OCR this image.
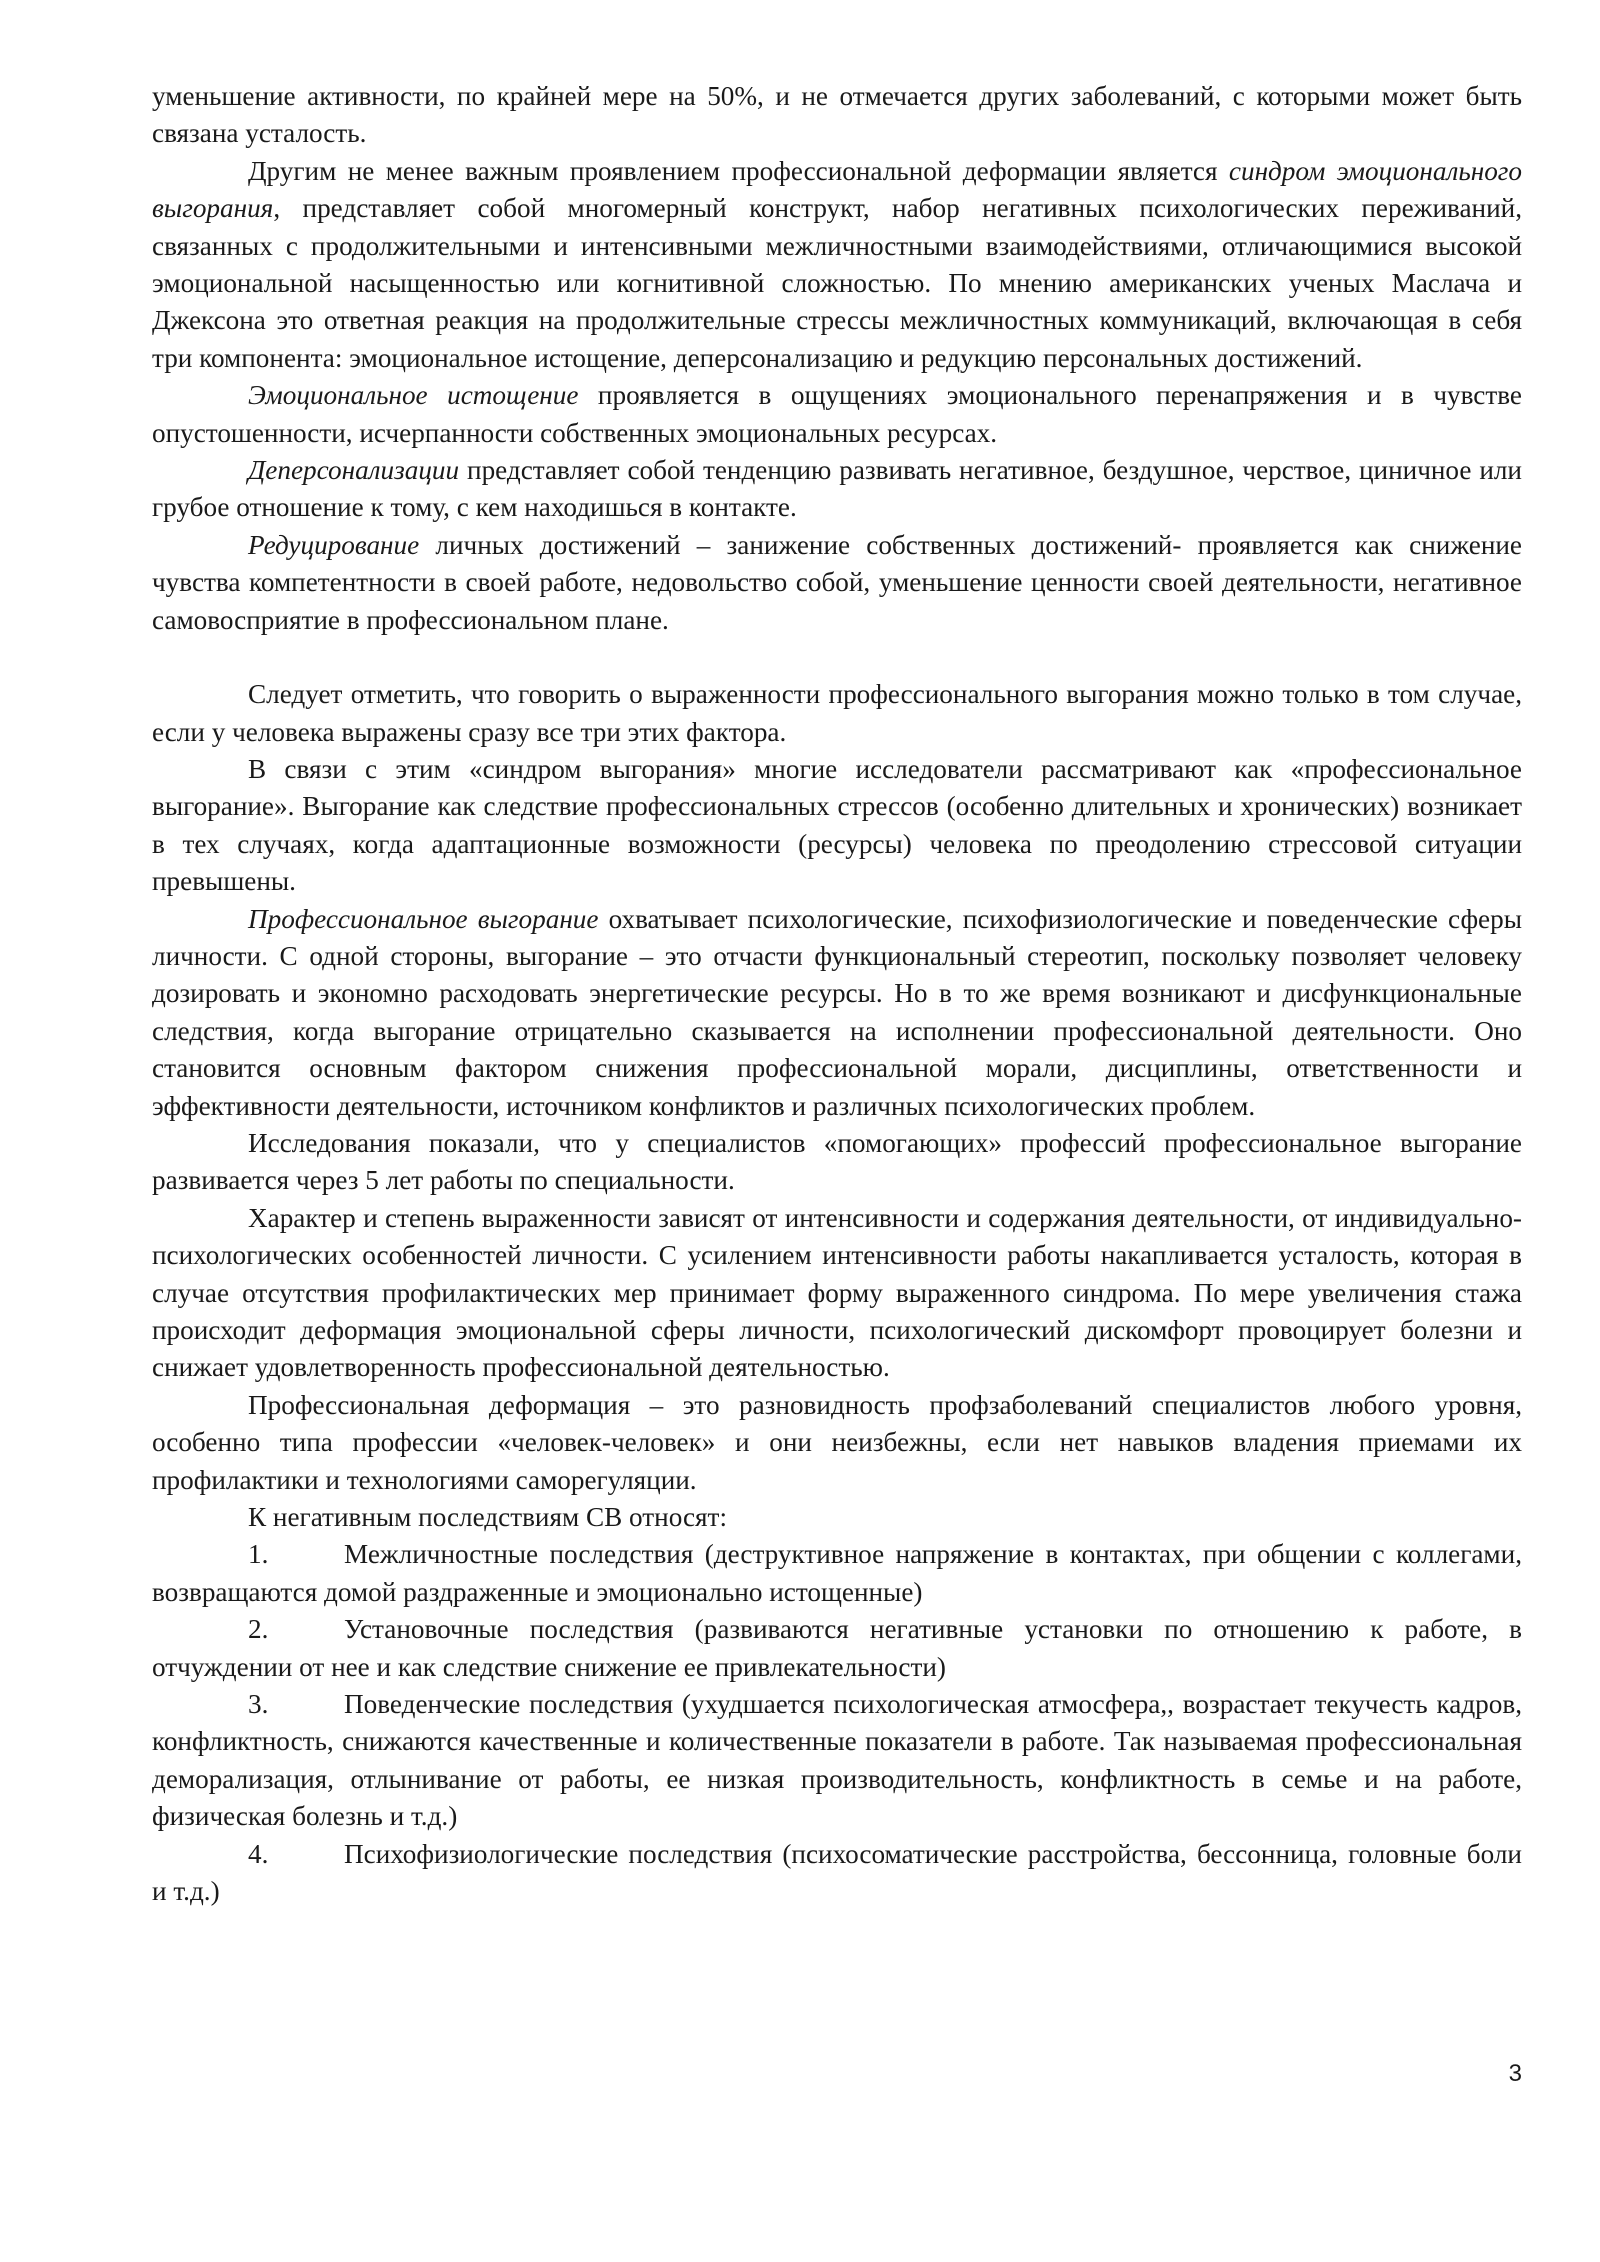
уменьшение активности, по крайней мере на 50%, и не отмечается других заболеваний, с которыми может быть связана усталость.

Другим не менее важным проявлением профессиональной деформации является синдром эмоционального выгорания, представляет собой многомерный конструкт, набор негативных психологических переживаний, связанных с продолжительными и интенсивными межличностными взаимодействиями, отличающимися высокой эмоциональной насыщенностью или когнитивной сложностью. По мнению американских ученых Маслача и Джексона это ответная реакция на продолжительные стрессы межличностных коммуникаций, включающая в себя три компонента: эмоциональное истощение, деперсонализацию и редукцию персональных достижений.

Эмоциональное истощение проявляется в ощущениях эмоционального перенапряжения и в чувстве опустошенности, исчерпанности собственных эмоциональных ресурсах.

Деперсонализации представляет собой тенденцию развивать негативное, бездушное, черствое, циничное или грубое отношение к тому, с кем находишься в контакте.

Редуцирование личных достижений – занижение собственных достижений- проявляется как снижение чувства компетентности в своей работе, недовольство собой, уменьшение ценности своей деятельности, негативное самовосприятие в профессиональном плане.

Следует отметить, что говорить о выраженности профессионального выгорания можно только в том случае, если у человека выражены сразу все три этих фактора.

В связи с этим «синдром выгорания» многие исследователи рассматривают как «профессиональное выгорание». Выгорание как следствие профессиональных стрессов (особенно длительных и хронических) возникает в тех случаях, когда адаптационные возможности (ресурсы) человека по преодолению стрессовой ситуации превышены.

Профессиональное выгорание охватывает психологические, психофизиологические и поведенческие сферы личности. С одной стороны, выгорание – это отчасти функциональный стереотип, поскольку позволяет человеку дозировать и экономно расходовать энергетические ресурсы. Но в то же время возникают и дисфункциональные следствия, когда выгорание отрицательно сказывается на исполнении профессиональной деятельности. Оно становится основным фактором снижения профессиональной морали, дисциплины, ответственности и эффективности деятельности, источником конфликтов и различных психологических проблем.

Исследования показали, что у специалистов «помогающих» профессий профессиональное выгорание развивается через 5 лет работы по специальности.

Характер и степень выраженности зависят от интенсивности и содержания деятельности, от индивидуально-психологических особенностей личности. С усилением интенсивности работы накапливается усталость, которая в случае отсутствия профилактических мер принимает форму выраженного синдрома. По мере увеличения стажа происходит деформация эмоциональной сферы личности, психологический дискомфорт провоцирует болезни и снижает удовлетворенность профессиональной деятельностью.

Профессиональная деформация – это разновидность профзаболеваний специалистов любого уровня, особенно типа профессии «человек-человек» и они неизбежны, если нет навыков владения приемами их профилактики и технологиями саморегуляции.

К негативным последствиям СВ относят:

1.	Межличностные последствия (деструктивное напряжение в контактах, при общении с коллегами, возвращаются домой раздраженные и эмоционально истощенные)

2.	Установочные последствия (развиваются негативные установки по отношению к работе, в отчуждении от нее и как следствие снижение ее привлекательности)

3.	Поведенческие последствия (ухудшается психологическая атмосфера,, возрастает текучесть кадров, конфликтность, снижаются качественные и количественные показатели в работе. Так называемая профессиональная деморализация, отлынивание от работы, ее низкая производительность, конфликтность в семье и на работе, физическая болезнь и т.д.)

4.	Психофизиологические последствия (психосоматические расстройства, бессонница, головные боли и т.д.)

3
